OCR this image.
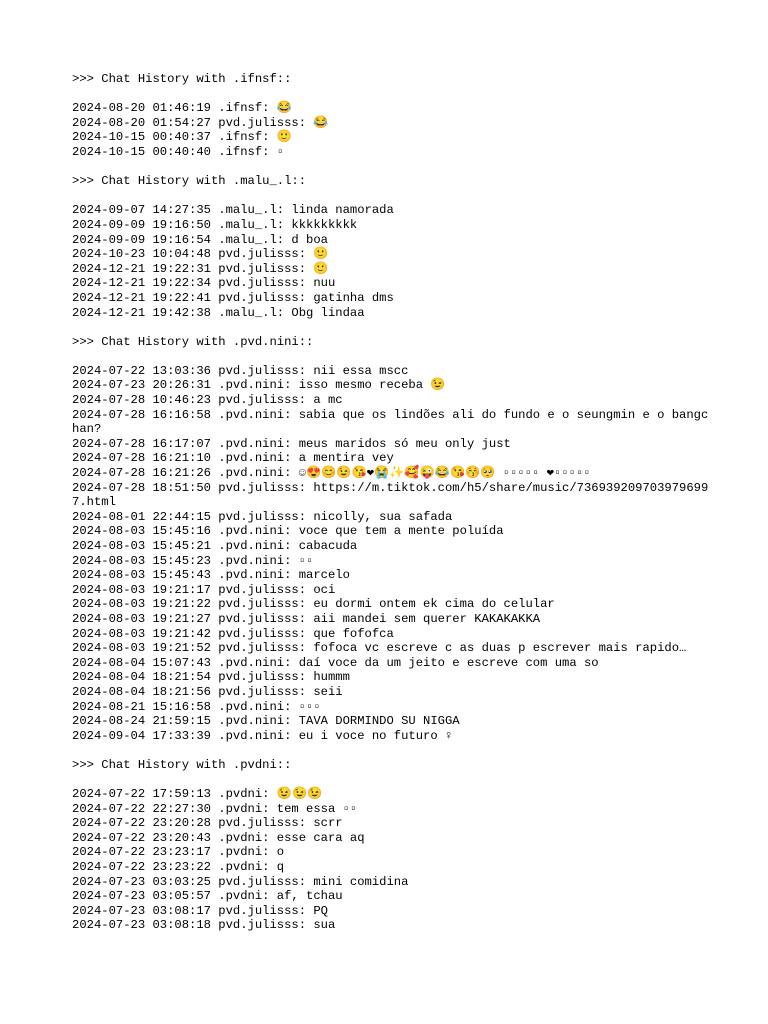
>>> Chat History with .ifnsf::
2024-08-20 01:46:19 .ifnsf: 😂
2024-08-20 01:54:27 pvd.julisss: 😂
2024-10-15 00:40:37 .ifnsf: 🙂
2024-10-15 00:40:40 .ifnsf: ▫
>>> Chat History with .malu_.l::
2024-09-07 14:27:35 .malu_.l: linda namorada
2024-09-09 19:16:50 .malu_.l: kkkkkkkkk
2024-09-09 19:16:54 .malu_.l: d boa
2024-10-23 10:04:48 pvd.julisss: 🙂
2024-12-21 19:22:31 pvd.julisss: 🙂
2024-12-21 19:22:34 pvd.julisss: nuu
2024-12-21 19:22:41 pvd.julisss: gatinha dms
2024-12-21 19:42:38 .malu_.l: Obg lindaa
>>> Chat History with .pvd.nini::
2024-07-22 13:03:36 pvd.julisss: nii essa mscc
2024-07-23 20:26:31 .pvd.nini: isso mesmo receba 😉
2024-07-28 10:46:23 pvd.julisss: a mc
2024-07-28 16:16:58 .pvd.nini: sabia que os lindões ali do fundo e o seungmin e o bangchan?
2024-07-28 16:17:07 .pvd.nini: meus maridos só meu only just
2024-07-28 16:21:10 .pvd.nini: a mentira vey
2024-07-28 16:21:26 .pvd.nini: ☺😍😊😉😘❤😭✨🥰😜😂😘😚🥺 ▫▫▫▫▫ ❤▫▫▫▫▫
2024-07-28 18:51:50 pvd.julisss: https://m.tiktok.com/h5/share/music/7369392097039796997.html
2024-08-01 22:44:15 pvd.julisss: nicolly, sua safada
2024-08-03 15:45:16 .pvd.nini: voce que tem a mente poluída
2024-08-03 15:45:21 .pvd.nini: cabacuda
2024-08-03 15:45:23 .pvd.nini: ▫▫
2024-08-03 15:45:43 .pvd.nini: marcelo
2024-08-03 19:21:17 pvd.julisss: oci
2024-08-03 19:21:22 pvd.julisss: eu dormi ontem ek cima do celular
2024-08-03 19:21:27 pvd.julisss: aii mandei sem querer KAKAKAKKA
2024-08-03 19:21:42 pvd.julisss: que fofofca
2024-08-03 19:21:52 pvd.julisss: fofoca vc escreve c as duas p escrever mais rapido…
2024-08-04 15:07:43 .pvd.nini: daí voce da um jeito e escreve com uma so
2024-08-04 18:21:54 pvd.julisss: hummm
2024-08-04 18:21:56 pvd.julisss: seii
2024-08-21 15:16:58 .pvd.nini: ▫▫▫
2024-08-24 21:59:15 .pvd.nini: TAVA DORMINDO SU NIGGA
2024-09-04 17:33:39 .pvd.nini: eu i voce no futuro ♀
>>> Chat History with .pvdni::
2024-07-22 17:59:13 .pvdni: 😉😉😉
2024-07-22 22:27:30 .pvdni: tem essa ▫▫
2024-07-22 23:20:28 pvd.julisss: scrr
2024-07-22 23:20:43 .pvdni: esse cara aq
2024-07-22 23:23:17 .pvdni: o
2024-07-22 23:23:22 .pvdni: q
2024-07-23 03:03:25 pvd.julisss: mini comidina
2024-07-23 03:05:57 .pvdni: af, tchau
2024-07-23 03:08:17 pvd.julisss: PQ
2024-07-23 03:08:18 pvd.julisss: sua
